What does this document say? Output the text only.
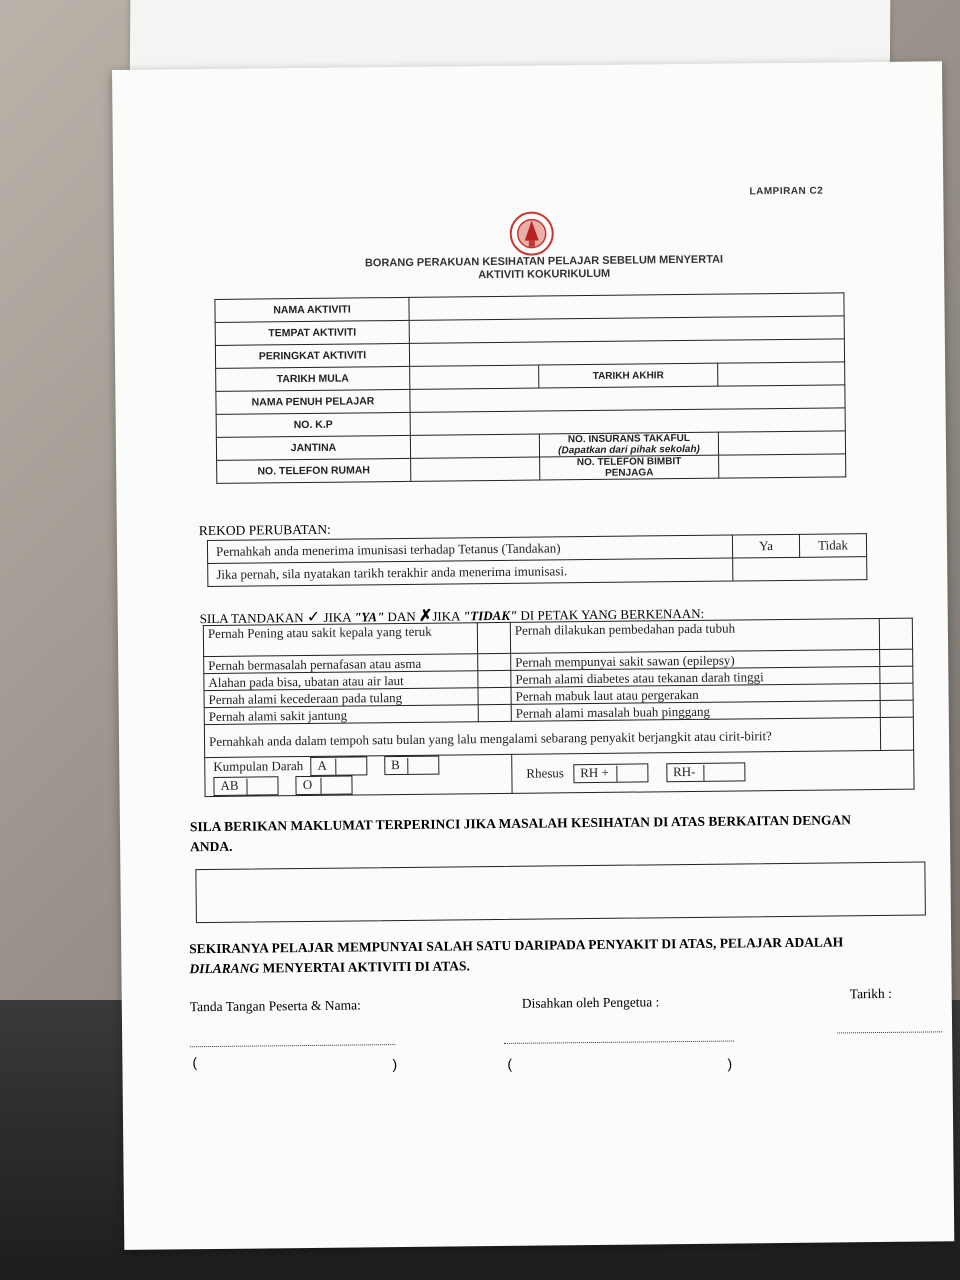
LAMPIRAN C2
BORANG PERAKUAN KESIHATAN PELAJAR SEBELUM MENYERTAI
AKTIVITI KOKURIKULUM
NAMA AKTIVITI			
TEMPAT AKTIVITI			
PERINGKAT AKTIVITI			
TARIKH MULA		TARIKH AKHIR	
NAMA PENUH PELAJAR			
NO. K.P			
JANTINA		NO. INSURANS TAKAFUL
(Dapatkan dari pihak sekolah)	

NO. TELEFON RUMAH		NO. TELEFON BIMBIT
PENJAGA	

REKOD PERUBATAN:
Pernahkah anda menerima imunisasi terhadap Tetanus (Tandakan)	Ya	Tidak
Jika pernah, sila nyatakan tarikh terakhir anda menerima imunisasi.		
SILA TANDAKAN ✓ JIKA "YA" DAN ✗JIKA "TIDAK" DI PETAK YANG BERKENAAN:
Pernah Pening atau sakit kepala yang teruk		Pernah dilakukan pembedahan pada tubuh	
Pernah bermasalah pernafasan atau asma		Pernah mempunyai sakit sawan (epilepsy)	
Alahan pada bisa, ubatan atau air laut		Pernah alami diabetes atau tekanan darah tinggi	
Pernah alami kecederaan pada tulang		Pernah mabuk laut atau pergerakan	
Pernah alami sakit jantung		Pernah alami masalah buah pinggang	
Pernahkah anda dalam tempoh satu bulan yang lalu mengalami sebarang penyakit berjangkit atau cirit-birit?			
Kumpulan Darah A B AB O		Rhesus RH + RH-	
SILA BERIKAN MAKLUMAT TERPERINCI JIKA MASALAH KESIHATAN DI ATAS BERKAITAN DENGAN ANDA.
SEKIRANYA PELAJAR MEMPUNYAI SALAH SATU DARIPADA PENYAKIT DI ATAS, PELAJAR ADALAH
DILARANG MENYERTAI AKTIVITI DI ATAS.
Tanda Tangan Peserta & Nama:	Disahkan oleh Pengetua :
Tarikh :
(	)	(	)
